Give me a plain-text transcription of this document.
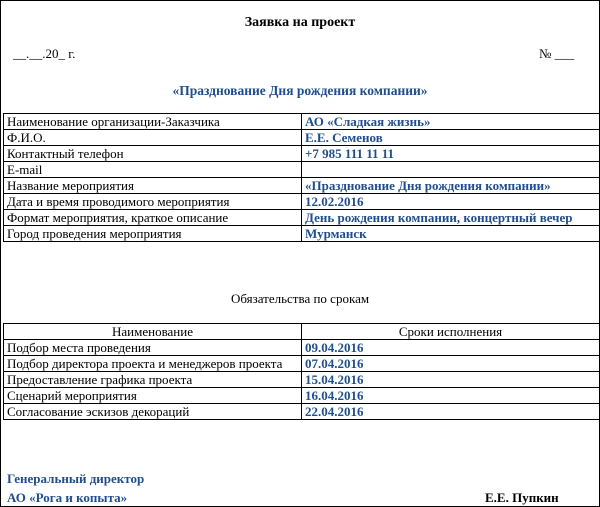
Заявка на проект
__.__.20_ г.	№ ___
«Празднование Дня рождения компании»
Наименование организации-Заказчика	АО «Сладкая жизнь»
Ф.И.О.	Е.Е. Семенов
Контактный телефон	+7 985 111 11 11
E-mail	
Название мероприятия	«Празднование Дня рождения компании»
Дата и время проводимого мероприятия	12.02.2016
Формат мероприятия, краткое описание	День рождения компании, концертный вечер
Город проведения мероприятия	Мурманск
Обязательства по срокам
Наименование	Сроки исполнения
Подбор места проведения	09.04.2016
Подбор директора проекта и менеджеров проекта	07.04.2016
Предоставление графика проекта	15.04.2016
Сценарий мероприятия	16.04.2016
Согласование эскизов декораций	22.04.2016
Генеральный директор
АО «Рога и копыта»	Е.Е. Пупкин
